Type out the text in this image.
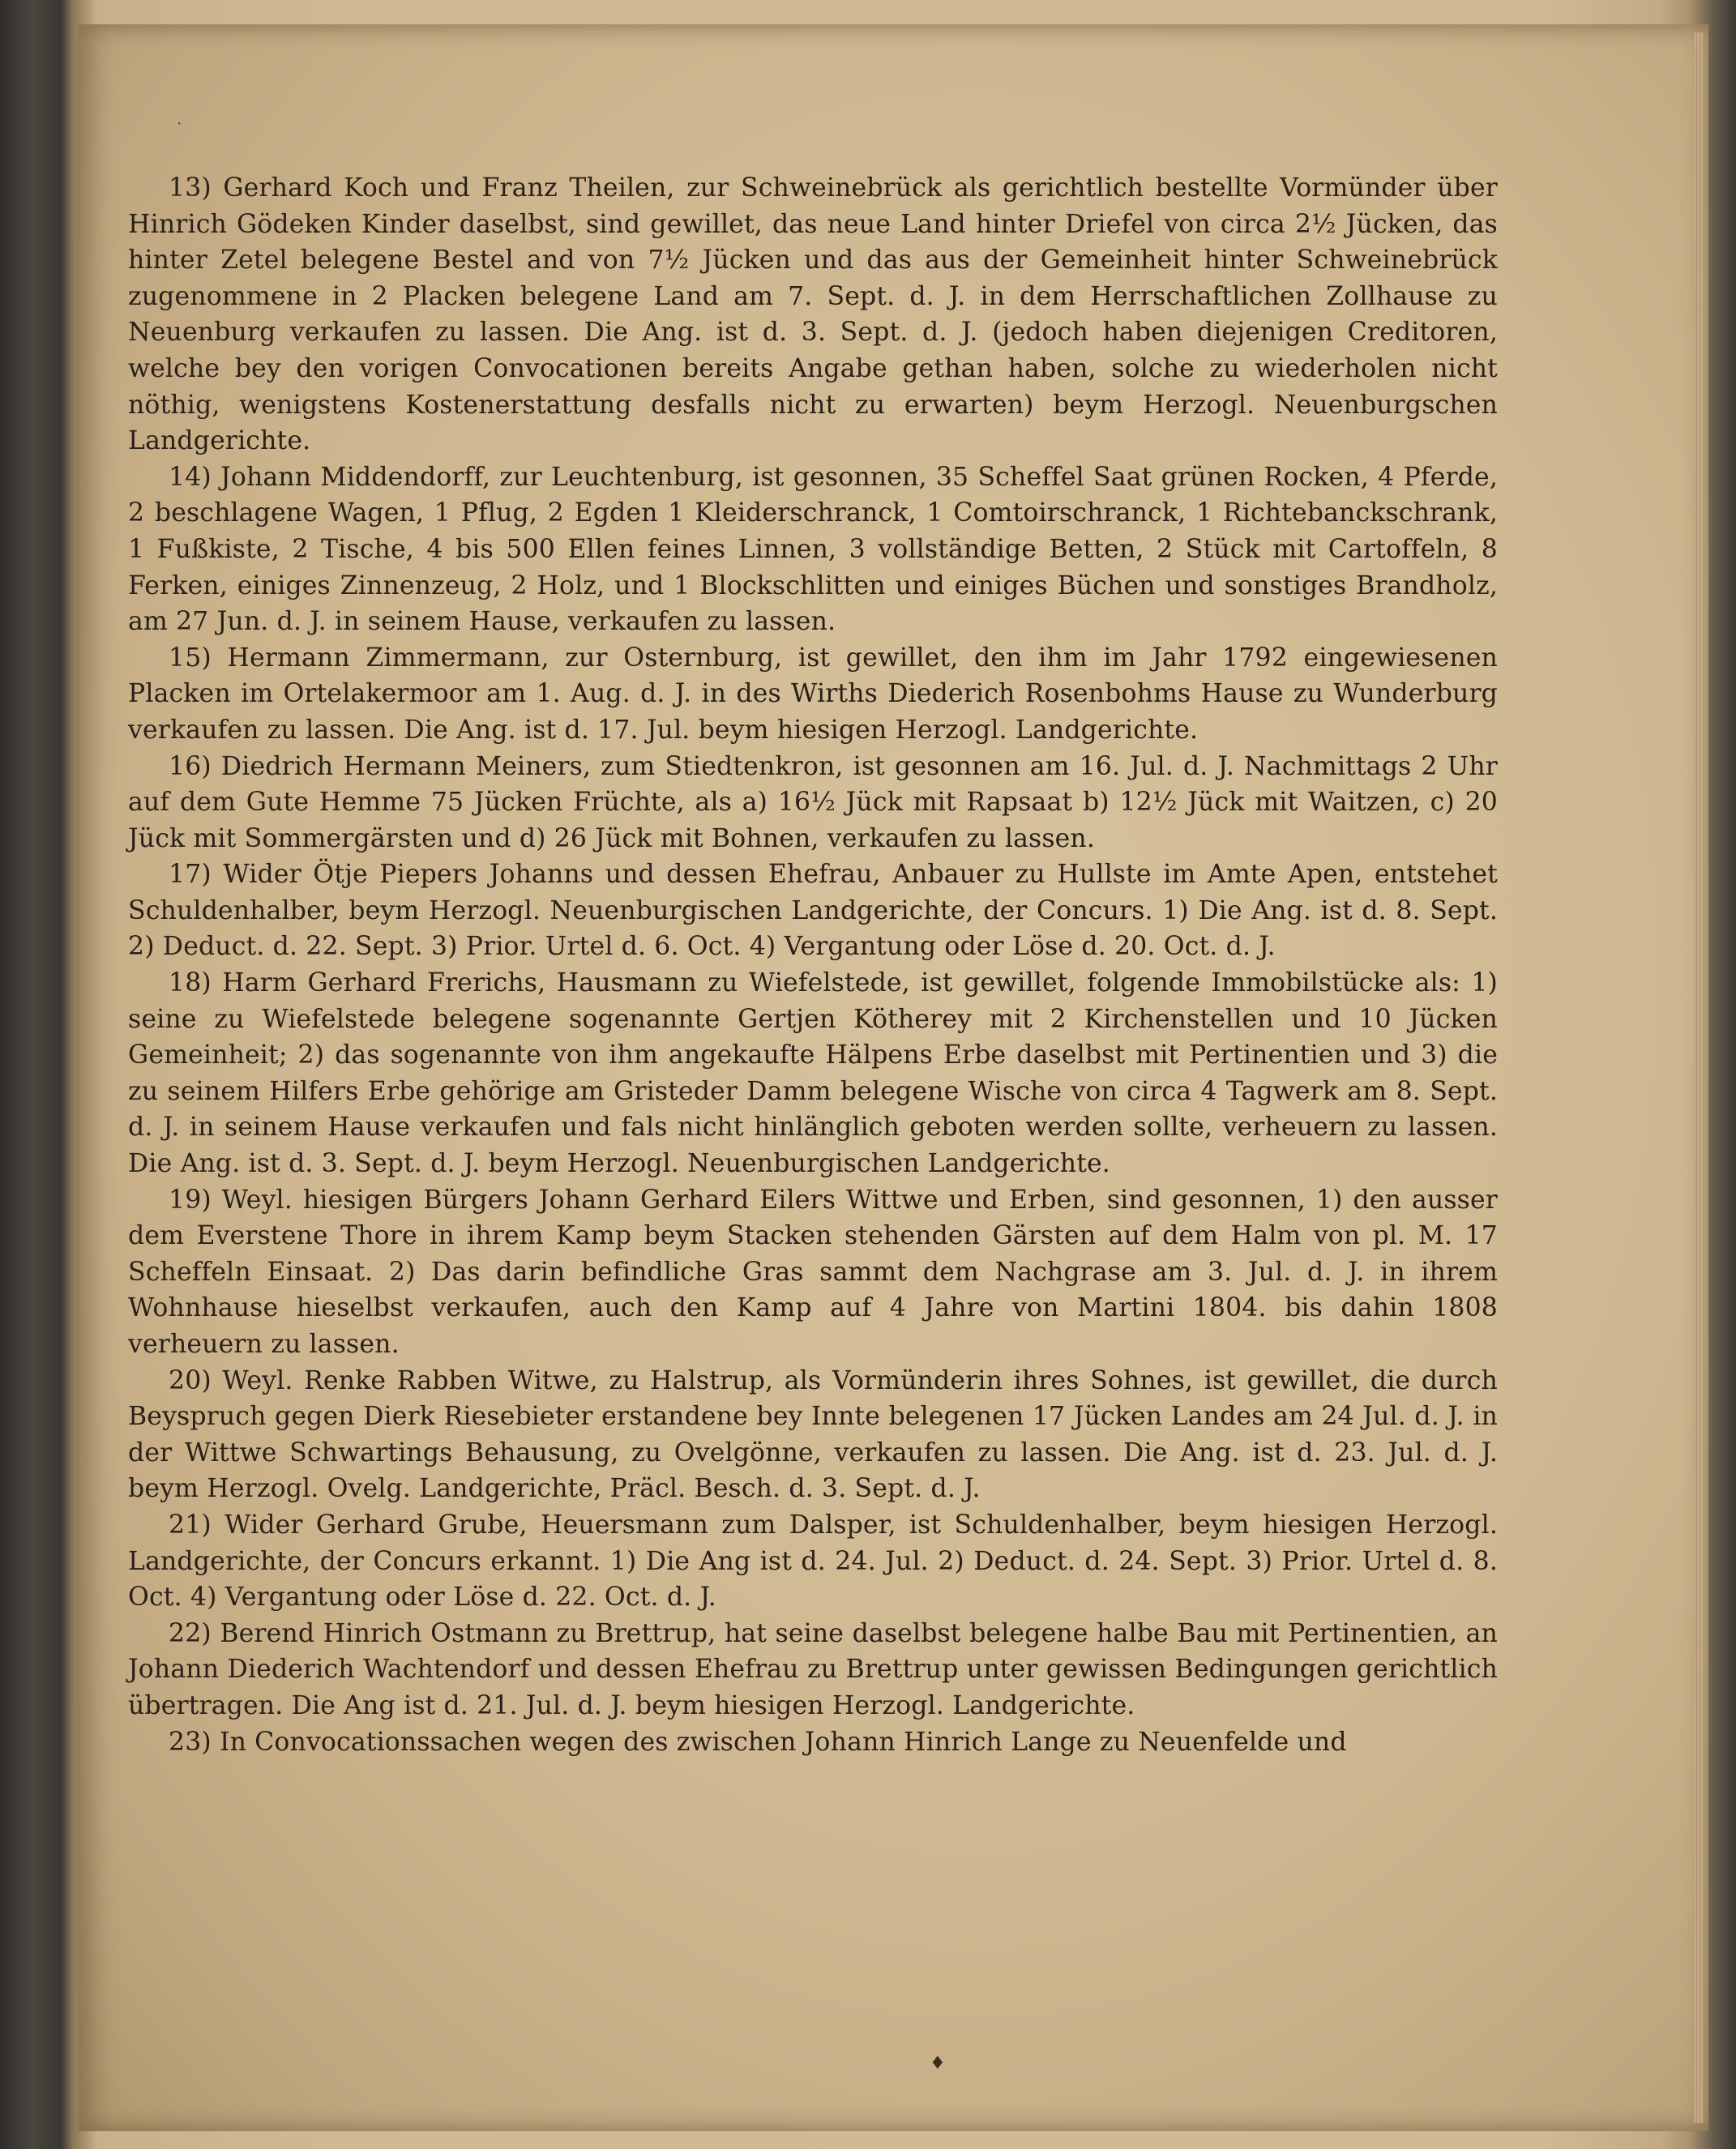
·

13) Gerhard Koch und Franz Theilen, zur Schweinebrück als gerichtlich bestellte Vormünder über Hinrich Gödeken Kinder daselbst, sind gewillet, das neue Land hinter Driefel von circa 2½ Jücken, das hinter Zetel belegene Bestel and von 7½ Jücken und das aus der Gemeinheit hinter Schweinebrück zugenommene in 2 Placken belegene Land am 7. Sept. d. J. in dem Herrschaftlichen Zollhause zu Neuenburg verkaufen zu lassen. Die Ang. ist d. 3. Sept. d. J. (jedoch haben diejenigen Creditoren, welche bey den vorigen Convocationen bereits Angabe gethan haben, solche zu wiederholen nicht nöthig, wenigstens Kostenerstattung desfalls nicht zu erwarten) beym Herzogl. Neuenburgschen Landgerichte.

14) Johann Middendorff, zur Leuchtenburg, ist gesonnen, 35 Scheffel Saat grünen Rocken, 4 Pferde, 2 beschlagene Wagen, 1 Pflug, 2 Egden 1 Kleiderschranck, 1 Comtoirschranck, 1 Richtebanckschrank, 1 Fußkiste, 2 Tische, 4 bis 500 Ellen feines Linnen, 3 vollständige Betten, 2 Stück mit Cartoffeln, 8 Ferken, einiges Zinnenzeug, 2 Holz, und 1 Blockschlitten und einiges Büchen und sonstiges Brandholz, am 27 Jun. d. J. in seinem Hause, verkaufen zu lassen.

15) Hermann Zimmermann, zur Osternburg, ist gewillet, den ihm im Jahr 1792 eingewiesenen Placken im Ortelakermoor am 1. Aug. d. J. in des Wirths Diederich Rosenbohms Hause zu Wunderburg verkaufen zu lassen. Die Ang. ist d. 17. Jul. beym hiesigen Herzogl. Landgerichte.

16) Diedrich Hermann Meiners, zum Stiedtenkron, ist gesonnen am 16. Jul. d. J. Nachmittags 2 Uhr auf dem Gute Hemme 75 Jücken Früchte, als a) 16½ Jück mit Rapsaat b) 12½ Jück mit Waitzen, c) 20 Jück mit Sommergärsten und d) 26 Jück mit Bohnen, verkaufen zu lassen.

17) Wider Ötje Piepers Johanns und dessen Ehefrau, Anbauer zu Hullste im Amte Apen, entstehet Schuldenhalber, beym Herzogl. Neuenburgischen Landgerichte, der Concurs. 1) Die Ang. ist d. 8. Sept. 2) Deduct. d. 22. Sept. 3) Prior. Urtel d. 6. Oct. 4) Vergantung oder Löse d. 20. Oct. d. J.

18) Harm Gerhard Frerichs, Hausmann zu Wiefelstede, ist gewillet, folgende Immobilstücke als: 1) seine zu Wiefelstede belegene sogenannte Gertjen Kötherey mit 2 Kirchenstellen und 10 Jücken Gemeinheit; 2) das sogenannte von ihm angekaufte Hälpens Erbe daselbst mit Pertinentien und 3) die zu seinem Hilfers Erbe gehörige am Gristeder Damm belegene Wische von circa 4 Tagwerk am 8. Sept. d. J. in seinem Hause verkaufen und fals nicht hinlänglich geboten werden sollte, verheuern zu lassen. Die Ang. ist d. 3. Sept. d. J. beym Herzogl. Neuenburgischen Landgerichte.

19) Weyl. hiesigen Bürgers Johann Gerhard Eilers Wittwe und Erben, sind gesonnen, 1) den ausser dem Everstene Thore in ihrem Kamp beym Stacken stehenden Gärsten auf dem Halm von pl. M. 17 Scheffeln Einsaat. 2) Das darin befindliche Gras sammt dem Nachgrase am 3. Jul. d. J. in ihrem Wohnhause hieselbst verkaufen, auch den Kamp auf 4 Jahre von Martini 1804. bis dahin 1808 verheuern zu lassen.

20) Weyl. Renke Rabben Witwe, zu Halstrup, als Vormünderin ihres Sohnes, ist gewillet, die durch Beyspruch gegen Dierk Riesebieter erstandene bey Innte belegenen 17 Jücken Landes am 24 Jul. d. J. in der Wittwe Schwartings Behausung, zu Ovelgönne, verkaufen zu lassen. Die Ang. ist d. 23. Jul. d. J. beym Herzogl. Ovelg. Landgerichte, Präcl. Besch. d. 3. Sept. d. J.

21) Wider Gerhard Grube, Heuersmann zum Dalsper, ist Schuldenhalber, beym hiesigen Herzogl. Landgerichte, der Concurs erkannt. 1) Die Ang ist d. 24. Jul. 2) Deduct. d. 24. Sept. 3) Prior. Urtel d. 8. Oct. 4) Vergantung oder Löse d. 22. Oct. d. J.

22) Berend Hinrich Ostmann zu Brettrup, hat seine daselbst belegene halbe Bau mit Pertinentien, an Johann Diederich Wachtendorf und dessen Ehefrau zu Brettrup unter gewissen Bedingungen gerichtlich übertragen. Die Ang ist d. 21. Jul. d. J. beym hiesigen Herzogl. Landgerichte.

23) In Convocationssachen wegen des zwischen Johann Hinrich Lange zu Neuenfelde und

♦
